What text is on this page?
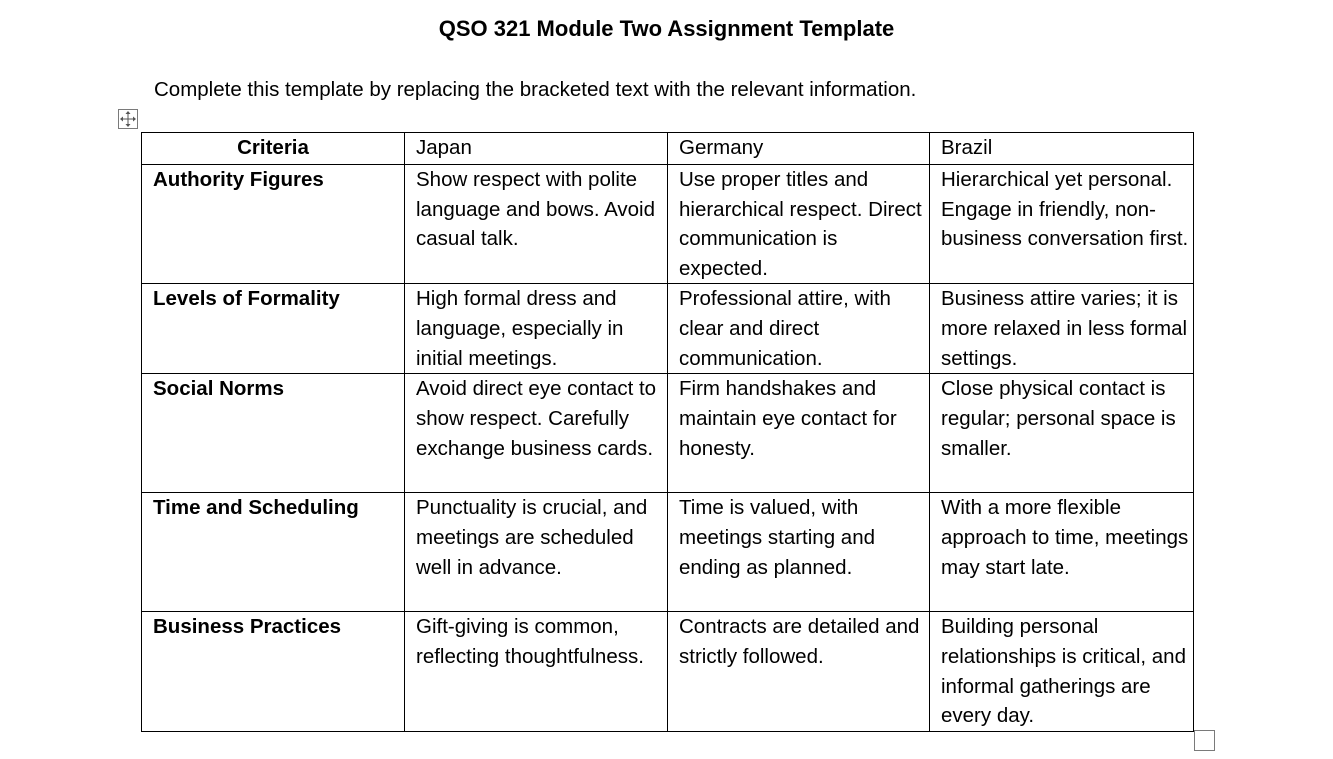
QSO 321 Module Two Assignment Template
Complete this template by replacing the bracketed text with the relevant information.
Criteria	Japan	Germany	Brazil
Authority Figures	Show respect with polite language and bows. Avoid casual talk.	Use proper titles and hierarchical respect. Direct communication is expected.	Hierarchical yet personal. Engage in friendly, non-business conversation first.
Levels of Formality	High formal dress and language, especially in initial meetings.	Professional attire, with clear and direct communication.	Business attire varies; it is more relaxed in less formal settings.
Social Norms	Avoid direct eye contact to show respect. Carefully exchange business cards.	Firm handshakes and maintain eye contact for honesty.	Close physical contact is regular; personal space is smaller.
Time and Scheduling	Punctuality is crucial, and meetings are scheduled well in advance.	Time is valued, with meetings starting and ending as planned.	With a more flexible approach to time, meetings may start late.
Business Practices	Gift-giving is common, reflecting thoughtfulness.	Contracts are detailed and strictly followed.	Building personal relationships is critical, and informal gatherings are every day.
